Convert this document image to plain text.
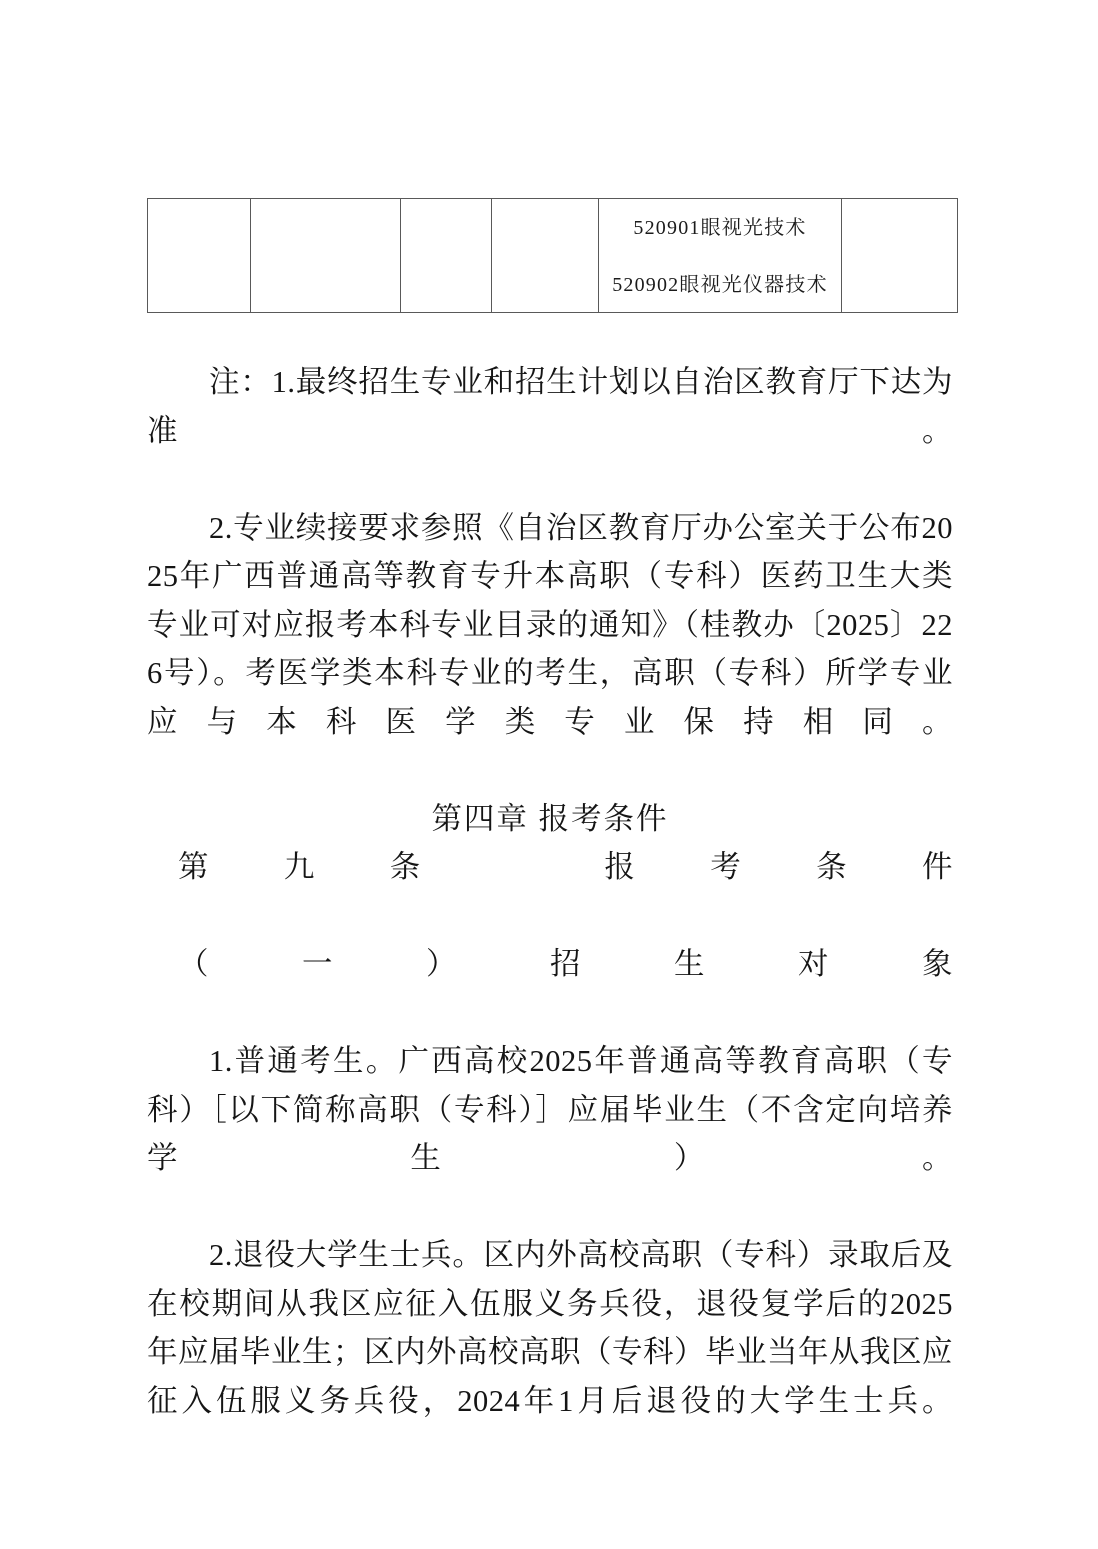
520901眼视光技术
520902眼视光仪器技术

注：1.最终招生专业和招生计划以自治区教育厅下达为准。

2.专业续接要求参照《自治区教育厅办公室关于公布2025年广西普通高等教育专升本高职（专科）医药卫生大类专业可对应报考本科专业目录的通知》（桂教办〔2025〕226号）。考医学类本科专业的考生，高职（专科）所学专业应与本科医学类专业保持相同。

第四章 报考条件

第九条 报考条件

（一）招生对象

1.普通考生。广西高校2025年普通高等教育高职（专科）［以下简称高职（专科）］应届毕业生（不含定向培养学生）。

2.退役大学生士兵。区内外高校高职（专科）录取后及在校期间从我区应征入伍服义务兵役，退役复学后的2025年应届毕业生；区内外高校高职（专科）毕业当年从我区应征入伍服义务兵役，2024年1月后退役的大学生士兵。
